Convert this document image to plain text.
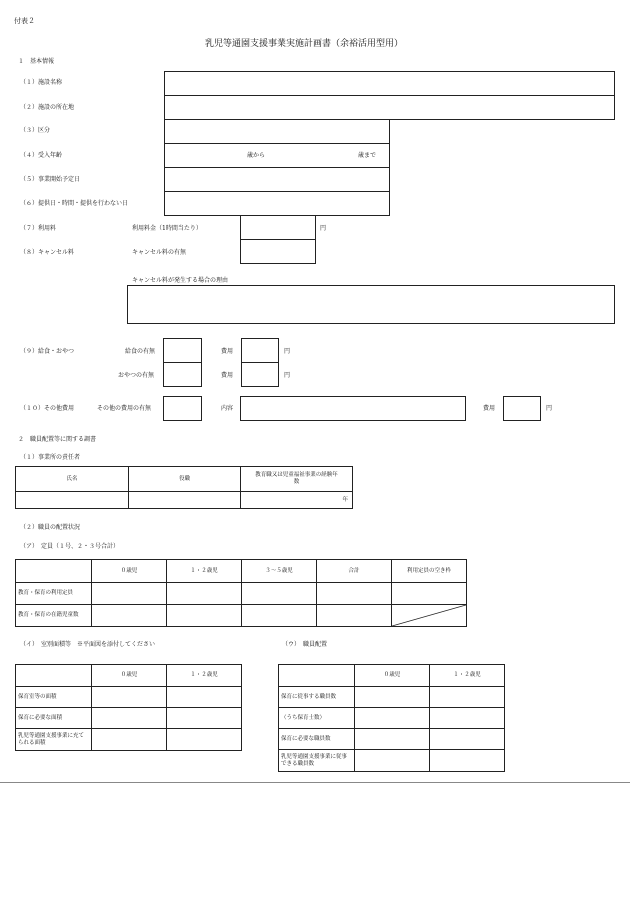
付表２
乳児等通園支援事業実施計画書（余裕活用型用）
１　基本情報
（１）施設名称
（２）施設の所在地
（３）区分
（４）受入年齢	歳から	歳まで
（５）事業開始予定日
（６）提供日・時間・提供を行わない日
（７）利用料	利用料金（1時間当たり）	円
（８）キャンセル料	キャンセル料の有無
キャンセル料が発生する場合の理由
（９）給食・おやつ	給食の有無	費用	円
おやつの有無	費用	円
（１０）その他費用	その他の費用の有無	内容	費用	円
２　職員配置等に関する調書
（１）事業所の責任者
氏名	役職	教育職又は児童福祉事業の経験年数
		年
（２）職員の配置状況
（ア）　定員（１号、２・３号合計）
	０歳児	１・２歳児	３～５歳児	合計	利用定員の空き枠
教育・保育の利用定員					
教育・保育の在籍児童数					
（イ）　室別面積等　※平面図を添付してください	（ウ）　職員配置
	０歳児	１・２歳児
保育室等の面積		
保育に必要な面積		
乳児等通園支援事業に充てられる面積		
	０歳児	１・２歳児
保育に従事する職員数		
（うち保育士数）		
保育に必要な職員数		
乳児等通園支援事業に従事できる職員数		
